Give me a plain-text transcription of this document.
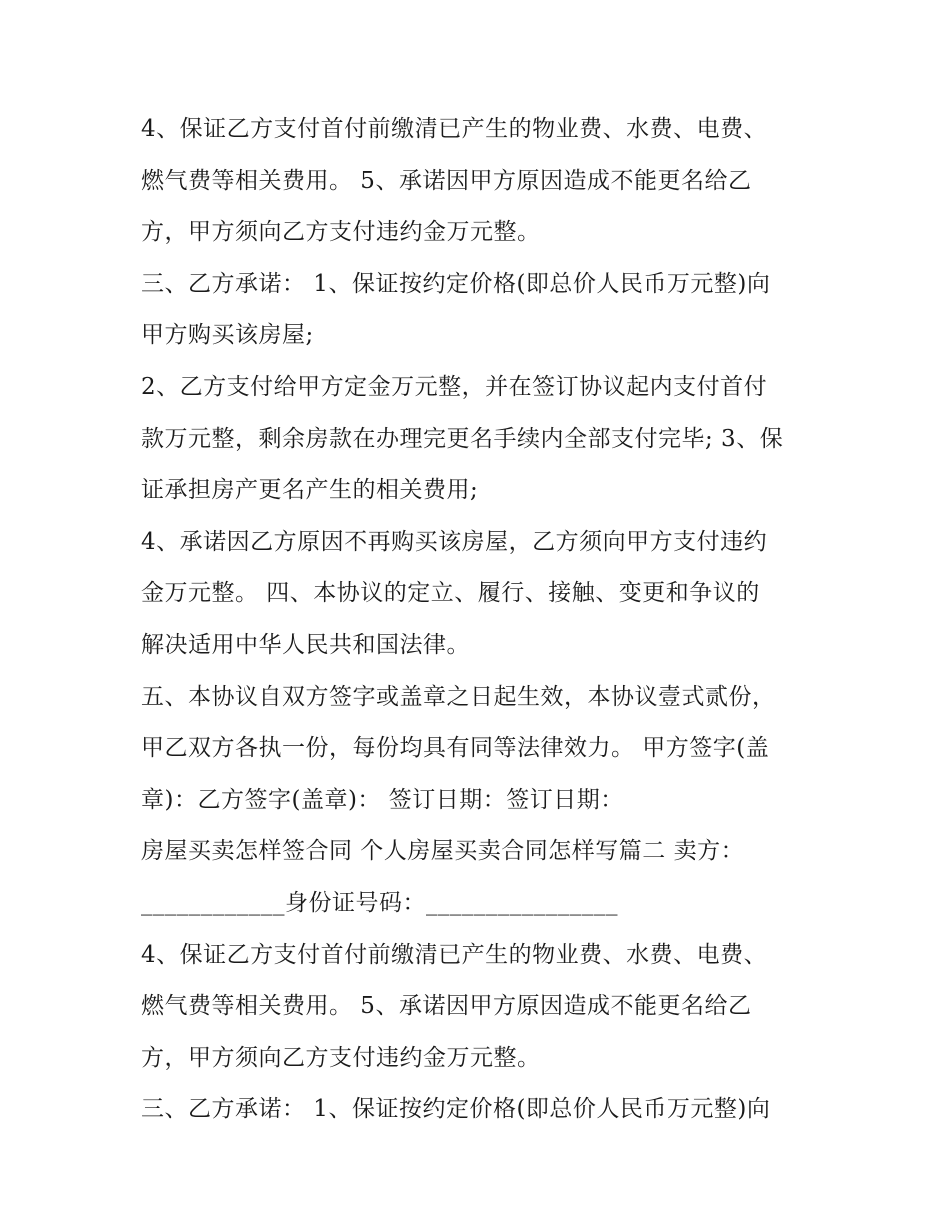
4、保证乙方支付首付前缴清已产生的物业费、水费、电费、
燃气费等相关费用。 5、承诺因甲方原因造成不能更名给乙
方，甲方须向乙方支付违约金万元整。
三、乙方承诺： 1、保证按约定价格(即总价人民币万元整)向
甲方购买该房屋;
2、乙方支付给甲方定金万元整，并在签订协议起内支付首付
款万元整，剩余房款在办理完更名手续内全部支付完毕; 3、保
证承担房产更名产生的相关费用;
4、承诺因乙方原因不再购买该房屋，乙方须向甲方支付违约
金万元整。 四、本协议的定立、履行、接触、变更和争议的
解决适用中华人民共和国法律。
五、本协议自双方签字或盖章之日起生效，本协议壹式贰份，
甲乙双方各执一份，每份均具有同等法律效力。 甲方签字(盖
章)：乙方签字(盖章)： 签订日期：签订日期：
房屋买卖怎样签合同 个人房屋买卖合同怎样写篇二 卖方：
____________身份证号码：________________
4、保证乙方支付首付前缴清已产生的物业费、水费、电费、
燃气费等相关费用。 5、承诺因甲方原因造成不能更名给乙
方，甲方须向乙方支付违约金万元整。
三、乙方承诺： 1、保证按约定价格(即总价人民币万元整)向
